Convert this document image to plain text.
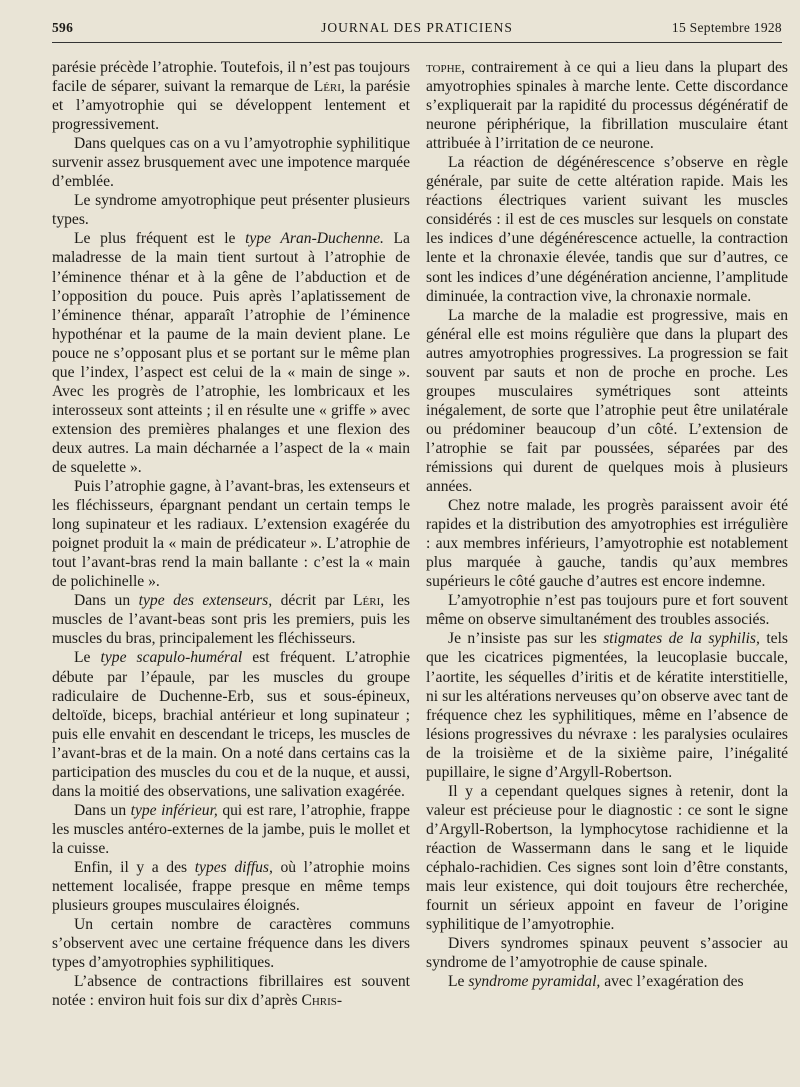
596	JOURNAL DES PRATICIENS	15 Septembre 1928

parésie précède l’atrophie. Toutefois, il n’est pas toujours facile de séparer, suivant la remarque de Léri, la parésie et l’amyotrophie qui se développent lentement et progressivement.

Dans quelques cas on a vu l’amyotrophie syphilitique survenir assez brusquement avec une impotence marquée d’emblée.

Le syndrome amyotrophique peut présenter plusieurs types.

Le plus fréquent est le type Aran-Duchenne. La maladresse de la main tient surtout à l’atrophie de l’éminence thénar et à la gêne de l’abduction et de l’opposition du pouce. Puis après l’aplatissement de l’éminence thénar, apparaît l’atrophie de l’éminence hypothénar et la paume de la main devient plane. Le pouce ne s’opposant plus et se portant sur le même plan que l’index, l’aspect est celui de la « main de singe ». Avec les progrès de l’atrophie, les lombricaux et les interosseux sont atteints ; il en résulte une « griffe » avec extension des premières phalanges et une flexion des deux autres. La main décharnée a l’aspect de la « main de squelette ».

Puis l’atrophie gagne, à l’avant-bras, les extenseurs et les fléchisseurs, épargnant pendant un certain temps le long supinateur et les radiaux. L’extension exagérée du poignet produit la « main de prédicateur ». L’atrophie de tout l’avant-bras rend la main ballante : c’est la « main de polichinelle ».

Dans un type des extenseurs, décrit par Léri, les muscles de l’avant-beas sont pris les premiers, puis les muscles du bras, principalement les fléchisseurs.

Le type scapulo-huméral est fréquent. L’atrophie débute par l’épaule, par les muscles du groupe radiculaire de Duchenne-Erb, sus et sous-épineux, deltoïde, biceps, brachial antérieur et long supinateur ; puis elle envahit en descendant le triceps, les muscles de l’avant-bras et de la main. On a noté dans certains cas la participation des muscles du cou et de la nuque, et aussi, dans la moitié des observations, une salivation exagérée.

Dans un type inférieur, qui est rare, l’atrophie, frappe les muscles antéro-externes de la jambe, puis le mollet et la cuisse.

Enfin, il y a des types diffus, où l’atrophie moins nettement localisée, frappe presque en même temps plusieurs groupes musculaires éloignés.

Un certain nombre de caractères communs s’observent avec une certaine fréquence dans les divers types d’amyotrophies syphilitiques.

L’absence de contractions fibrillaires est souvent notée : environ huit fois sur dix d’après Chris-

tophe, contrairement à ce qui a lieu dans la plupart des amyotrophies spinales à marche lente. Cette discordance s’expliquerait par la rapidité du processus dégénératif de neurone périphérique, la fibrillation musculaire étant attribuée à l’irritation de ce neurone.

La réaction de dégénérescence s’observe en règle générale, par suite de cette altération rapide. Mais les réactions électriques varient suivant les muscles considérés : il est de ces muscles sur lesquels on constate les indices d’une dégénérescence actuelle, la contraction lente et la chronaxie élevée, tandis que sur d’autres, ce sont les indices d’une dégénération ancienne, l’amplitude diminuée, la contraction vive, la chronaxie normale.

La marche de la maladie est progressive, mais en général elle est moins régulière que dans la plupart des autres amyotrophies progressives. La progression se fait souvent par sauts et non de proche en proche. Les groupes musculaires symétriques sont atteints inégalement, de sorte que l’atrophie peut être unilatérale ou prédominer beaucoup d’un côté. L’extension de l’atrophie se fait par poussées, séparées par des rémissions qui durent de quelques mois à plusieurs années.

Chez notre malade, les progrès paraissent avoir été rapides et la distribution des amyotrophies est irrégulière : aux membres inférieurs, l’amyotrophie est notablement plus marquée à gauche, tandis qu’aux membres supérieurs le côté gauche d’autres est encore indemne.

L’amyotrophie n’est pas toujours pure et fort souvent même on observe simultanément des troubles associés.

Je n’insiste pas sur les stigmates de la syphilis, tels que les cicatrices pigmentées, la leucoplasie buccale, l’aortite, les séquelles d’iritis et de kératite interstitielle, ni sur les altérations nerveuses qu’on observe avec tant de fréquence chez les syphilitiques, même en l’absence de lésions progressives du névraxe : les paralysies oculaires de la troisième et de la sixième paire, l’inégalité pupillaire, le signe d’Argyll-Robertson.

Il y a cependant quelques signes à retenir, dont la valeur est précieuse pour le diagnostic : ce sont le signe d’Argyll-Robertson, la lymphocytose rachidienne et la réaction de Wassermann dans le sang et le liquide céphalo-rachidien. Ces signes sont loin d’être constants, mais leur existence, qui doit toujours être recherchée, fournit un sérieux appoint en faveur de l’origine syphilitique de l’amyotrophie.

Divers syndromes spinaux peuvent s’associer au syndrome de l’amyotrophie de cause spinale.

Le syndrome pyramidal, avec l’exagération des
